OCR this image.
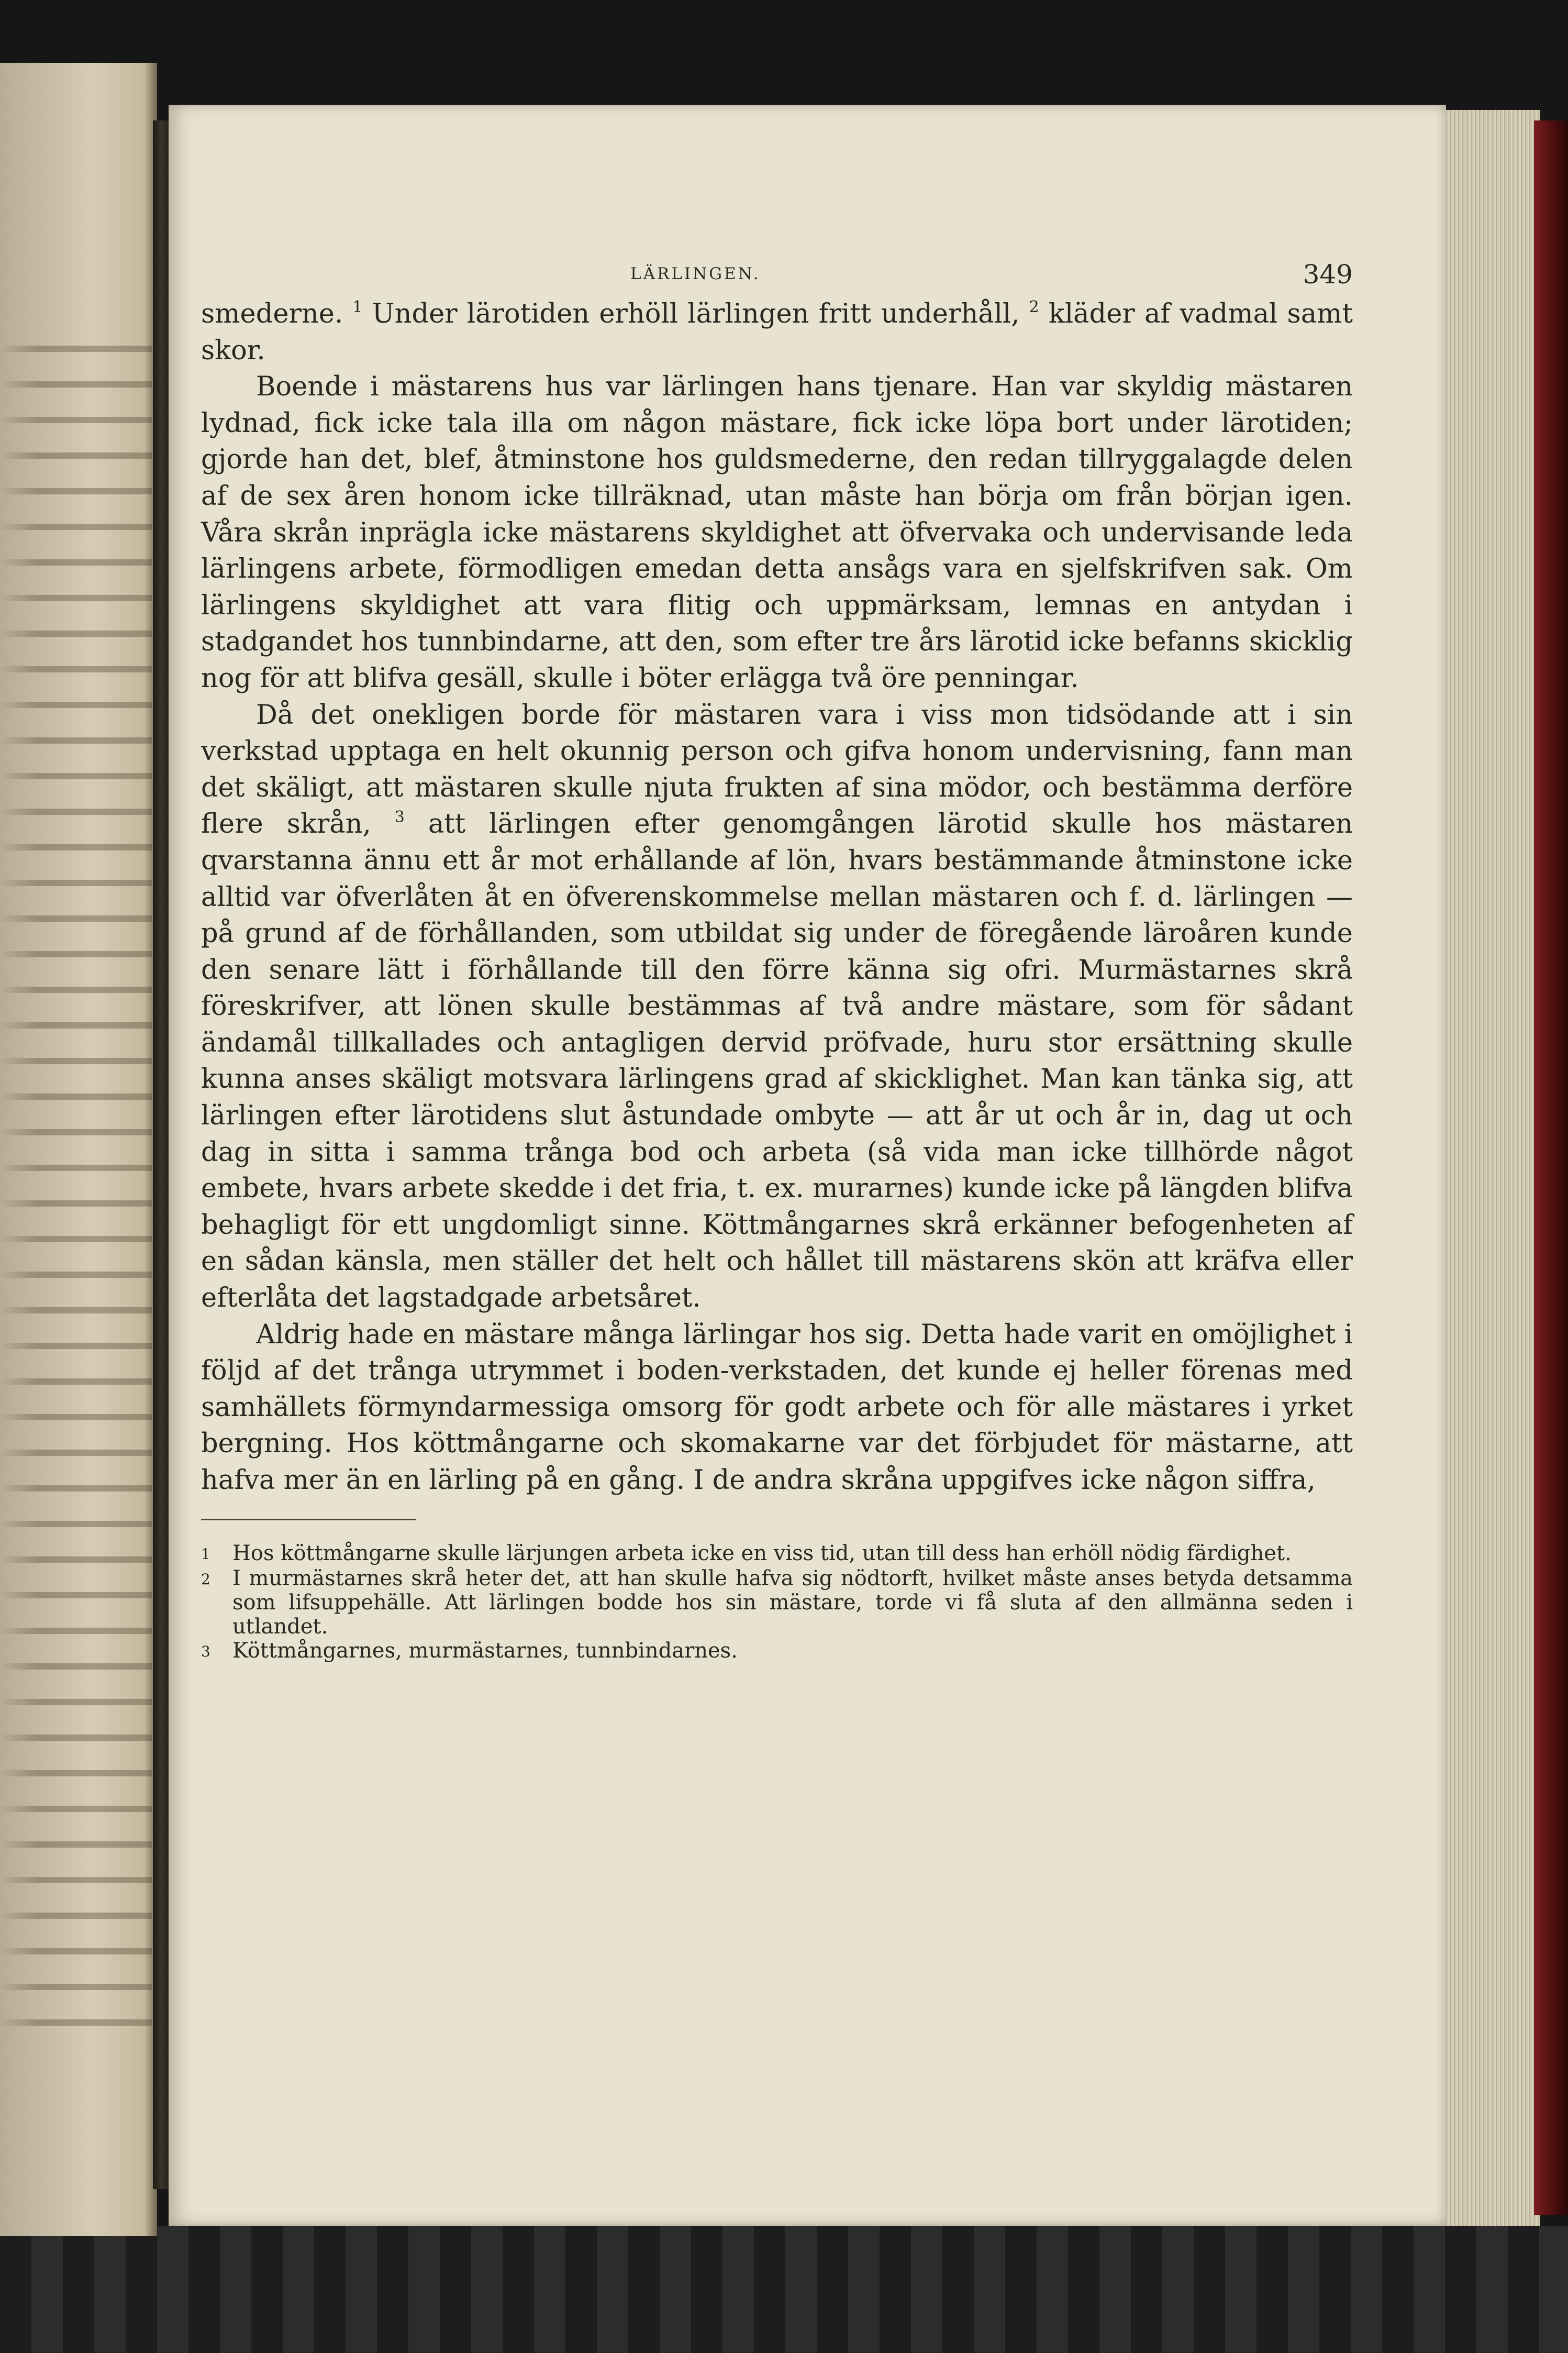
LÄRLINGEN.	349

smederne. $^1$ Under lärotiden erhöll lärlingen fritt underhåll, $^2$ kläder af vadmal samt skor.

Boende i mästarens hus var lärlingen hans tjenare. Han var skyldig mästaren lydnad, fick icke tala illa om någon mästare, fick icke löpa bort under lärotiden; gjorde han det, blef, åtminstone hos guldsmederne, den redan tillryggalagde delen af de sex åren honom icke tillräknad, utan måste han börja om från början igen. Våra skrån inprägla icke mästarens skyldighet att öfvervaka och undervisande leda lärlingens arbete, förmodligen emedan detta ansågs vara en sjelfskrifven sak. Om lärlingens skyldighet att vara flitig och uppmärksam, lemnas en antydan i stadgandet hos tunnbindarne, att den, som efter tre års lärotid icke befanns skicklig nog för att blifva gesäll, skulle i böter erlägga två öre penningar.

Då det onekligen borde för mästaren vara i viss mon tidsödande att i sin verkstad upptaga en helt okunnig person och gifva honom undervisning, fann man det skäligt, att mästaren skulle njuta frukten af sina mödor, och bestämma derföre flere skrån, $^3$ att lärlingen efter genomgången lärotid skulle hos mästaren qvarstanna ännu ett år mot erhållande af lön, hvars bestämmande åtminstone icke alltid var öfverlåten åt en öfverenskommelse mellan mästaren och f. d. lärlingen — på grund af de förhållanden, som utbildat sig under de föregående läroåren kunde den senare lätt i förhållande till den förre känna sig ofri. Murmästarnes skrå föreskrifver, att lönen skulle bestämmas af två andre mästare, som för sådant ändamål tillkallades och antagligen dervid pröfvade, huru stor ersättning skulle kunna anses skäligt motsvara lärlingens grad af skicklighet. Man kan tänka sig, att lärlingen efter lärotidens slut åstundade ombyte — att år ut och år in, dag ut och dag in sitta i samma trånga bod och arbeta (så vida man icke tillhörde något embete, hvars arbete skedde i det fria, t. ex. murarnes) kunde icke på längden blifva behagligt för ett ungdomligt sinne. Köttmångarnes skrå erkänner befogenheten af en sådan känsla, men ställer det helt och hållet till mästarens skön att kräfva eller efterlåta det lagstadgade arbetsåret.

Aldrig hade en mästare många lärlingar hos sig. Detta hade varit en omöjlighet i följd af det trånga utrymmet i boden-verkstaden, det kunde ej heller förenas med samhällets förmyndarmessiga omsorg för godt arbete och för alle mästares i yrket bergning. Hos köttmångarne och skomakarne var det förbjudet för mästarne, att hafva mer än en lärling på en gång. I de andra skråna uppgifves icke någon siffra,

1	Hos köttmångarne skulle lärjungen arbeta icke en viss tid, utan till dess han erhöll nödig färdighet.
2	I murmästarnes skrå heter det, att han skulle hafva sig nödtorft, hvilket måste anses betyda detsamma som lifsuppehälle. Att lärlingen bodde hos sin mästare, torde vi få sluta af den allmänna seden i utlandet.
3	Köttmångarnes, murmästarnes, tunnbindarnes.
